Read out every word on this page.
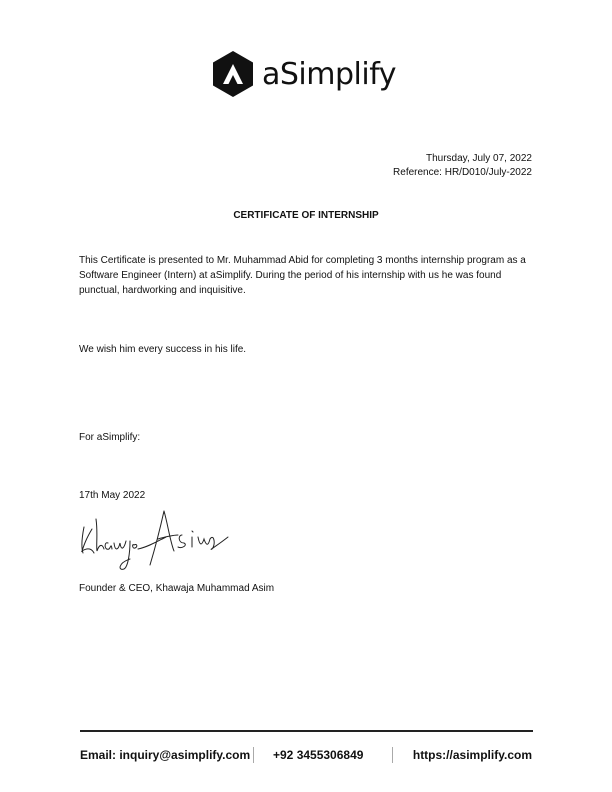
aSimplify
Thursday, July 07, 2022
Reference: HR/D010/July-2022
CERTIFICATE OF INTERNSHIP
This Certificate is presented to Mr. Muhammad Abid for completing 3 months internship program as a Software Engineer (Intern) at aSimplify. During the period of his internship with us he was found punctual, hardworking and inquisitive.
We wish him every success in his life.
For aSimplify:
17th May 2022
Founder & CEO, Khawaja Muhammad Asim
Email: inquiry@asimplify.com +92 3455306849	https://asimplify.com
